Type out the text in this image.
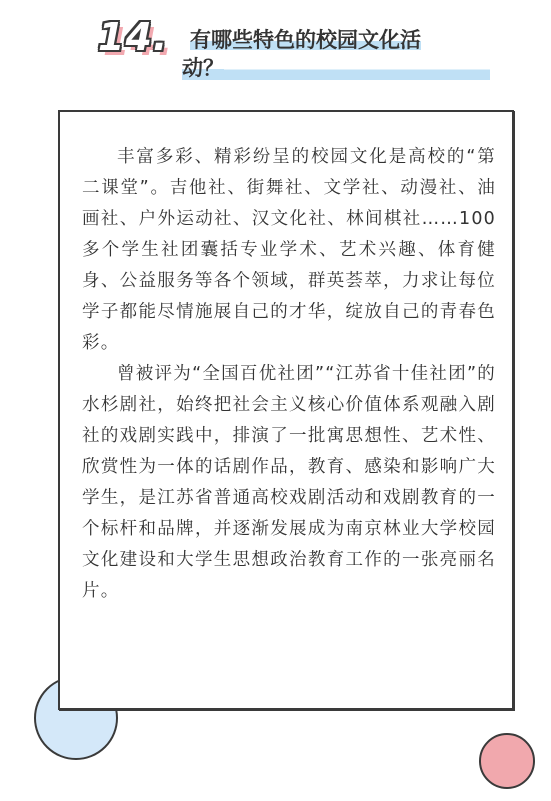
14. 有哪些特色的校园文化活
动？

丰富多彩、精彩纷呈的校园文化是高校的“第二课堂”。吉他社、街舞社、文学社、动漫社、油画社、户外运动社、汉文化社、林间棋社……100多个学生社团囊括专业学术、艺术兴趣、体育健身、公益服务等各个领域，群英荟萃，力求让每位学子都能尽情施展自己的才华，绽放自己的青春色彩。

曾被评为“全国百优社团”“江苏省十佳社团”的水杉剧社，始终把社会主义核心价值体系观融入剧社的戏剧实践中，排演了一批寓思想性、艺术性、欣赏性为一体的话剧作品，教育、感染和影响广大学生，是江苏省普通高校戏剧活动和戏剧教育的一个标杆和品牌，并逐渐发展成为南京林业大学校园文化建设和大学生思想政治教育工作的一张亮丽名片。
